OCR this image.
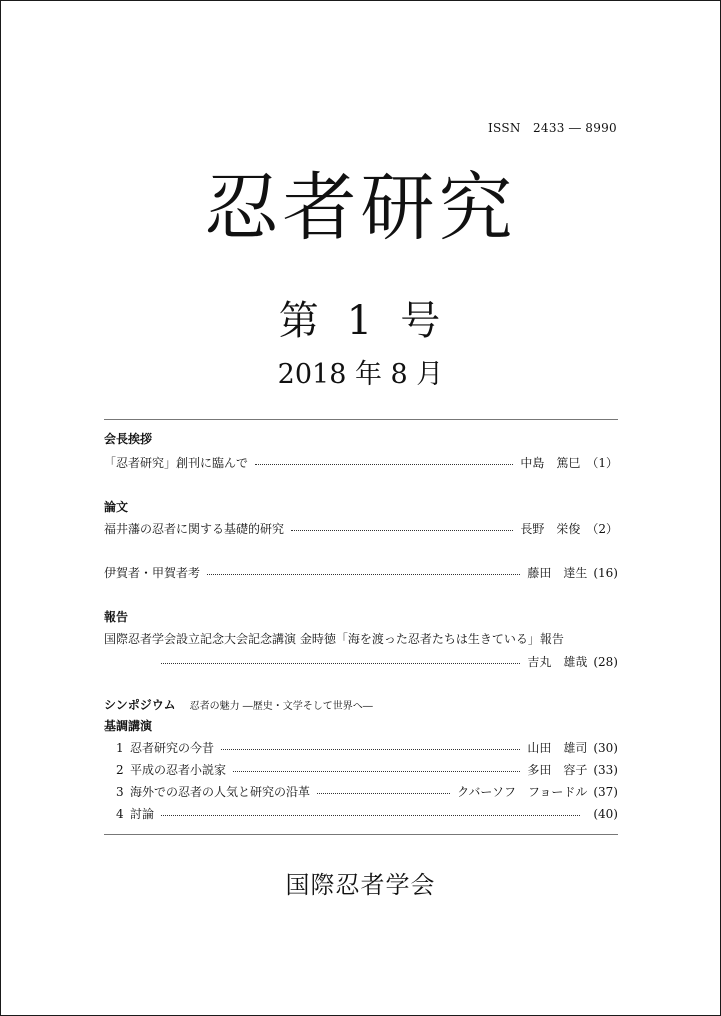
ISSN　2433 ― 8990
忍者研究
第 1 号
2018 年 8 月
会長挨拶
「忍者研究」創刊に臨んで	中島　篤巳 （1）
論文
福井藩の忍者に関する基礎的研究	長野　栄俊 （2）
伊賀者・甲賀者考	藤田　達生 (16)
報告
国際忍者学会設立記念大会記念講演 金時徳「海を渡った忍者たちは生きている」報告
吉丸　雄哉 (28)
シンポジウム 忍者の魅力 ―歴史・文学そして世界へ―
基調講演
1 忍者研究の今昔	山田　雄司 (30)
2 平成の忍者小説家	多田　容子 (33)
3 海外での忍者の人気と研究の沿革	クバーソフ　フョードル (37)
4 討論	(40)
国際忍者学会
